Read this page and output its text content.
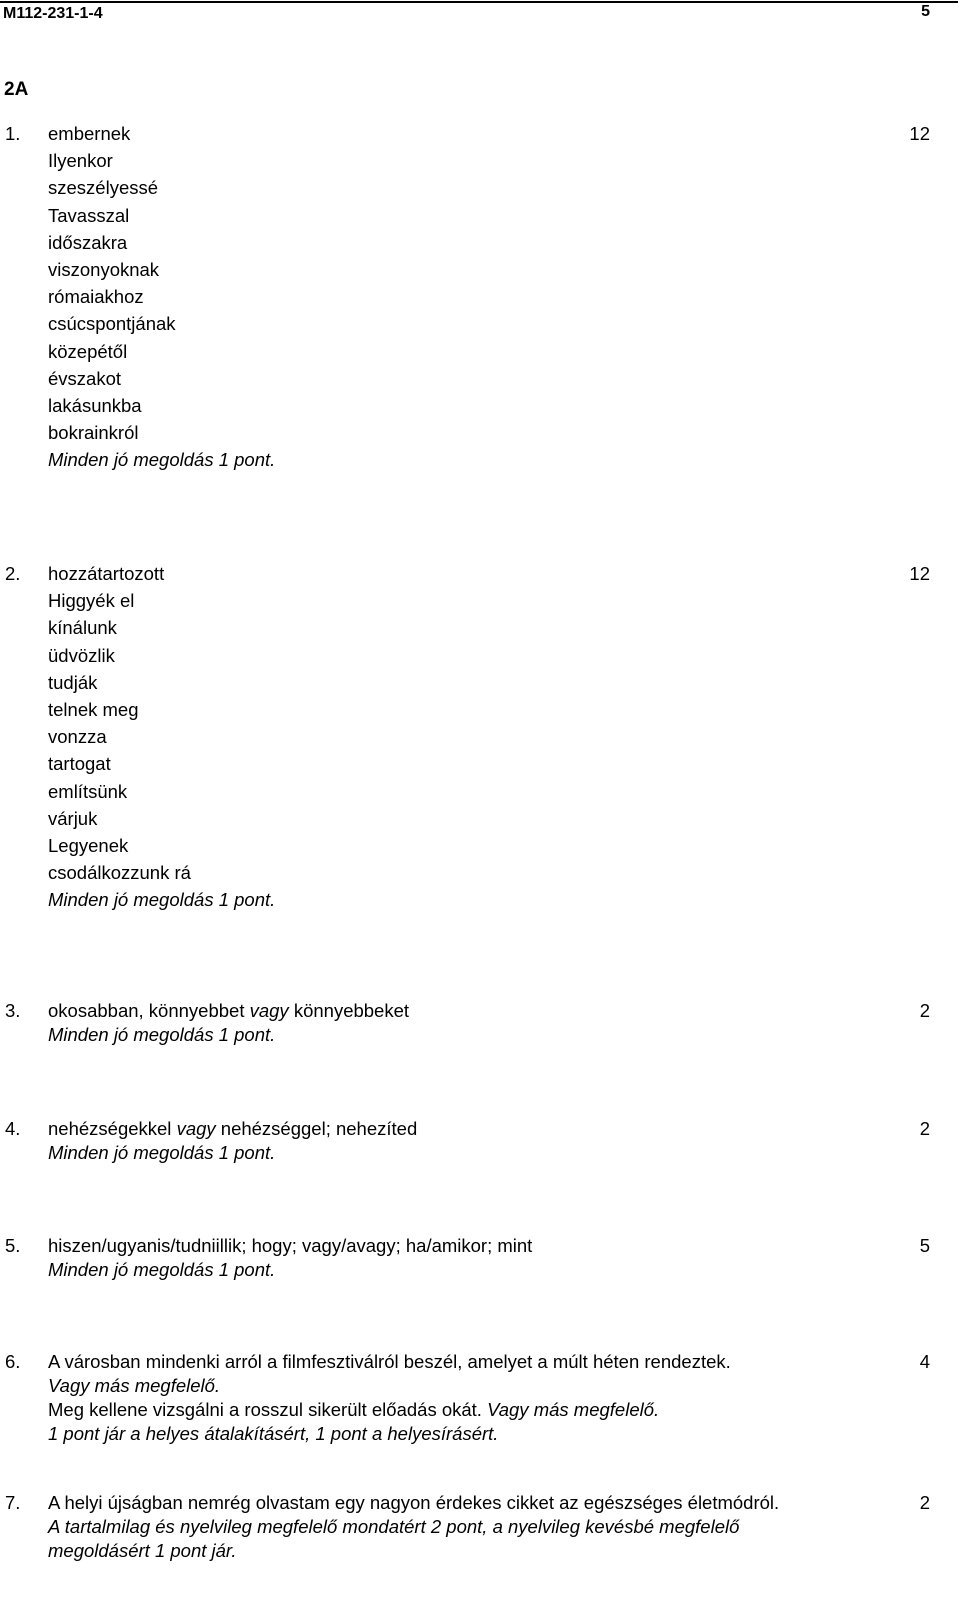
M112-231-1-4	5
2A
1. embernek
Ilyenkor
szeszélyessé
Tavasszal
időszakra
viszonyoknak
rómaiakhoz
csúcspontjának
közepétől
évszakot
lakásunkba
bokrainkról
Minden jó megoldás 1 pont.
12
2. hozzátartozott
Higgyék el
kínálunk
üdvözlik
tudják
telnek meg
vonzza
tartogat
említsünk
várjuk
Legyenek
csodálkozzunk rá
Minden jó megoldás 1 pont.
12
3. okosabban, könnyebbet vagy könnyebbeket
Minden jó megoldás 1 pont.
2
4. nehézségekkel vagy nehézséggel; nehezíted
Minden jó megoldás 1 pont.
2
5. hiszen/ugyanis/tudniillik; hogy; vagy/avagy; ha/amikor; mint
Minden jó megoldás 1 pont.
5
6. A városban mindenki arról a filmfesztiválról beszél, amelyet a múlt héten rendeztek.
Vagy más megfelelő.
Meg kellene vizsgálni a rosszul sikerült előadás okát. Vagy más megfelelő.
1 pont jár a helyes átalakításért, 1 pont a helyesírásért.
4
7. A helyi újságban nemrég olvastam egy nagyon érdekes cikket az egészséges életmódról.
A tartalmilag és nyelvileg megfelelő mondatért 2 pont, a nyelvileg kevésbé megfelelő
megoldásért 1 pont jár.
2
